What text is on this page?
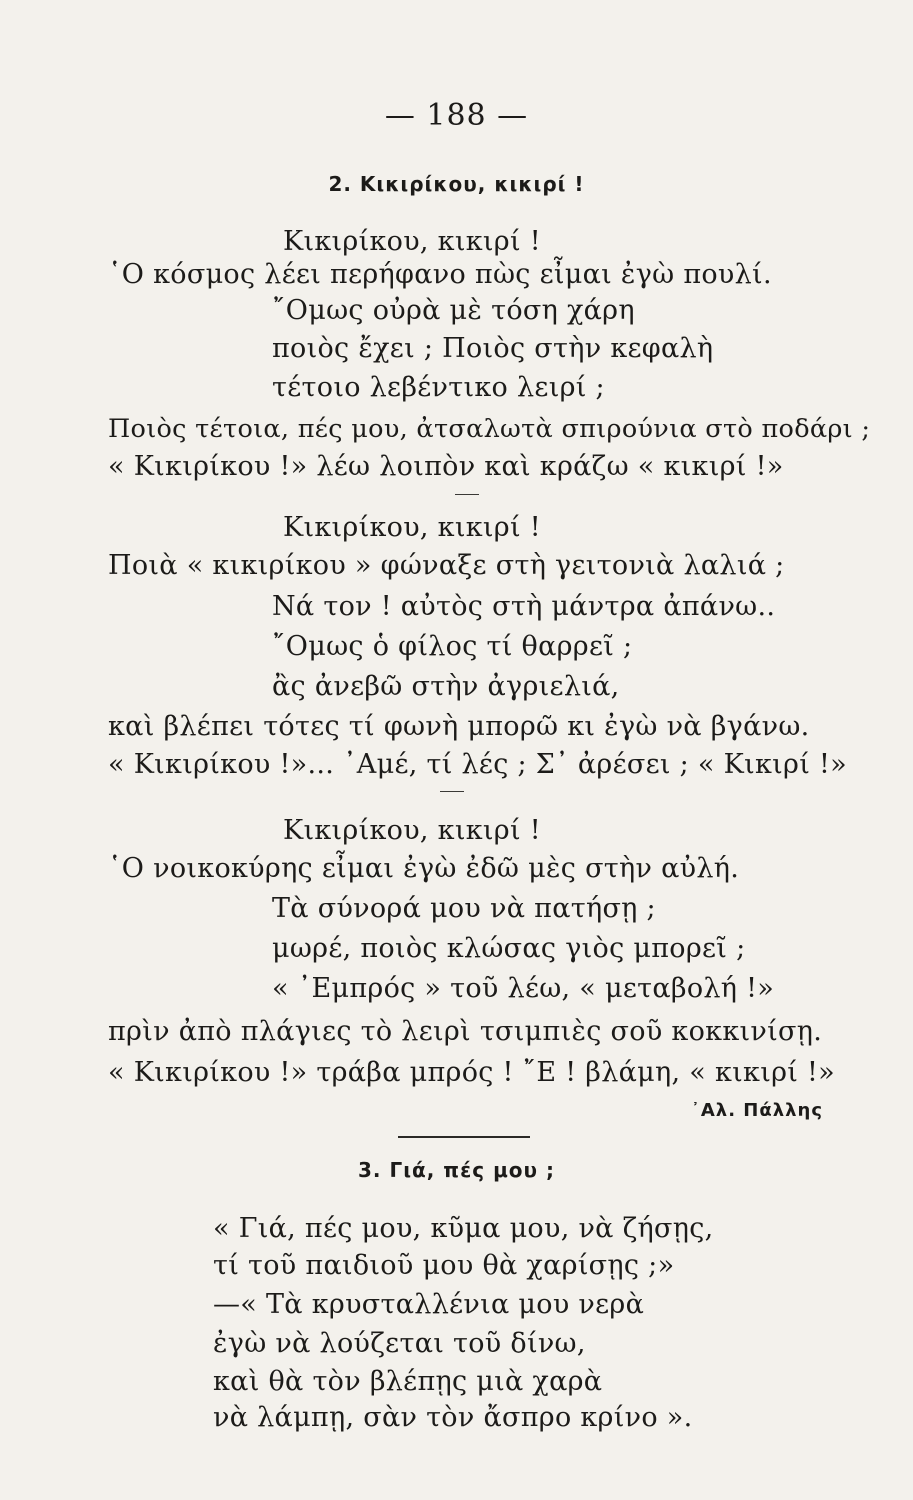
— 188 —
2. Κικιρίκου, κικιρί !
Κικιρίκου, κικιρί !
῾Ο κόσμος λέει περήφανο πὼς εἶμαι ἐγὼ πουλί.
῎Ομως οὐρὰ μὲ τόση χάρη
ποιὸς ἔχει ; Ποιὸς στὴν κεφαλὴ
τέτοιο λεβέντικο λειρί ;
Ποιὸς τέτοια, πές μου, ἀτσαλωτὰ σπιρούνια στὸ ποδάρι ;
« Κικιρίκου !» λέω λοιπὸν καὶ κράζω « κικιρί !»
Κικιρίκου, κικιρί !
Ποιὰ « κικιρίκου » φώναξε στὴ γειτονιὰ λαλιά ;
Νά τον ! αὐτὸς στὴ μάντρα ἀπάνω..
῎Ομως ὁ φίλος τί θαρρεῖ ;
ἂς ἀνεβῶ στὴν ἀγριελιά,
καὶ βλέπει τότες τί φωνὴ μπορῶ κι ἐγὼ νὰ βγάνω.
« Κικιρίκου !»... ᾿Αμέ, τί λές ; Σ᾿ ἀρέσει ; « Κικιρί !»
Κικιρίκου, κικιρί !
῾Ο νοικοκύρης εἶμαι ἐγὼ ἐδῶ μὲς στὴν αὐλή.
Τὰ σύνορά μου νὰ πατήσῃ ;
μωρέ, ποιὸς κλώσας γιὸς μπορεῖ ;
« ᾿Εμπρός » τοῦ λέω, « μεταβολή !»
πρὶν ἀπὸ πλάγιες τὸ λειρὶ τσιμπιὲς σοῦ κοκκινίσῃ.
« Κικιρίκου !» τράβα μπρός ! ῎Ε ! βλάμη, « κικιρί !»
᾿Αλ. Πάλλης
3. Γιά, πές μου ;
« Γιά, πές μου, κῦμα μου, νὰ ζήσῃς,
τί τοῦ παιδιοῦ μου θὰ χαρίσῃς ;»
—« Τὰ κρυσταλλένια μου νερὰ
ἐγὼ νὰ λούζεται τοῦ δίνω,
καὶ θὰ τὸν βλέπῃς μιὰ χαρὰ
νὰ λάμπῃ, σὰν τὸν ἄσπρο κρίνο ».
